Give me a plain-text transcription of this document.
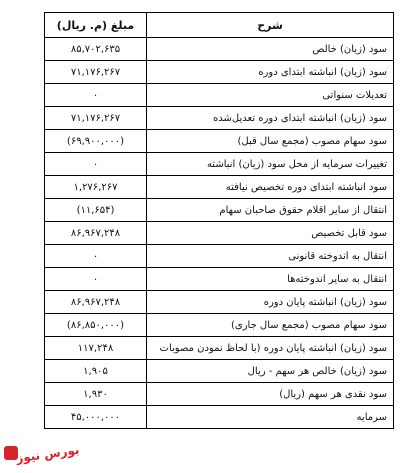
شرح	مبلغ (م. ریال)
سود (زیان) خالص	۸۵,۷۰۲,۶۳۵
سود (زیان) انباشته ابتدای دوره	۷۱,۱۷۶,۲۶۷
تعدیلات سنواتی	۰
سود (زیان) انباشته ابتدای دوره تعدیل‌شده	۷۱,۱۷۶,۲۶۷
سود سهام مصوب (مجمع سال قبل)	(۶۹,۹۰۰,۰۰۰)
تغییرات سرمایه از محل سود (زیان) انباشته	۰
سود انباشته ابتدای دوره تخصیص نیافته	۱,۲۷۶,۲۶۷
انتقال از سایر اقلام حقوق صاحبان سهام	(۱۱,۶۵۴)
سود قابل تخصیص	۸۶,۹۶۷,۲۴۸
انتقال به اندوخته قانونی	۰
انتقال به سایر اندوخته‌ها	۰
سود (زیان) انباشته پایان دوره	۸۶,۹۶۷,۲۴۸
سود سهام مصوب (مجمع سال جاری)	(۸۶,۸۵۰,۰۰۰)
سود (زیان) انباشته پایان دوره (با لحاظ نمودن مصوبات	۱۱۷,۲۴۸
سود (زیان) خالص هر سهم - ریال	۱,۹۰۵
سود نقدی هر سهم (ریال)	۱,۹۳۰
سرمایه	۴۵,۰۰۰,۰۰۰
بورس نیوز
